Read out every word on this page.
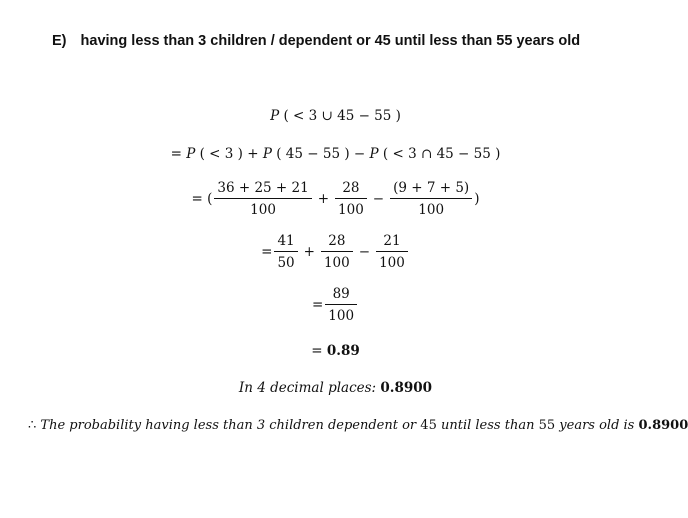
E) having less than 3 children / dependent or 45 until less than 55 years old
P ( < 3 ∪ 45 − 55 )
= P ( < 3 ) + P ( 45 − 55 ) − P ( < 3 ∩ 45 − 55 )
= ( $\frac{36 + 25 + 21}{100} + \frac{28}{100} - \frac{(9 + 7 + 5)}{100}$ )
= $\frac{41}{50} + \frac{28}{100} - \frac{21}{100}$
= $\frac{89}{100}$
= 0.89
In 4 decimal places: 0.8900
∴ The probability having less than 3 children dependent or 45 until less than 55 years old is 0.8900
